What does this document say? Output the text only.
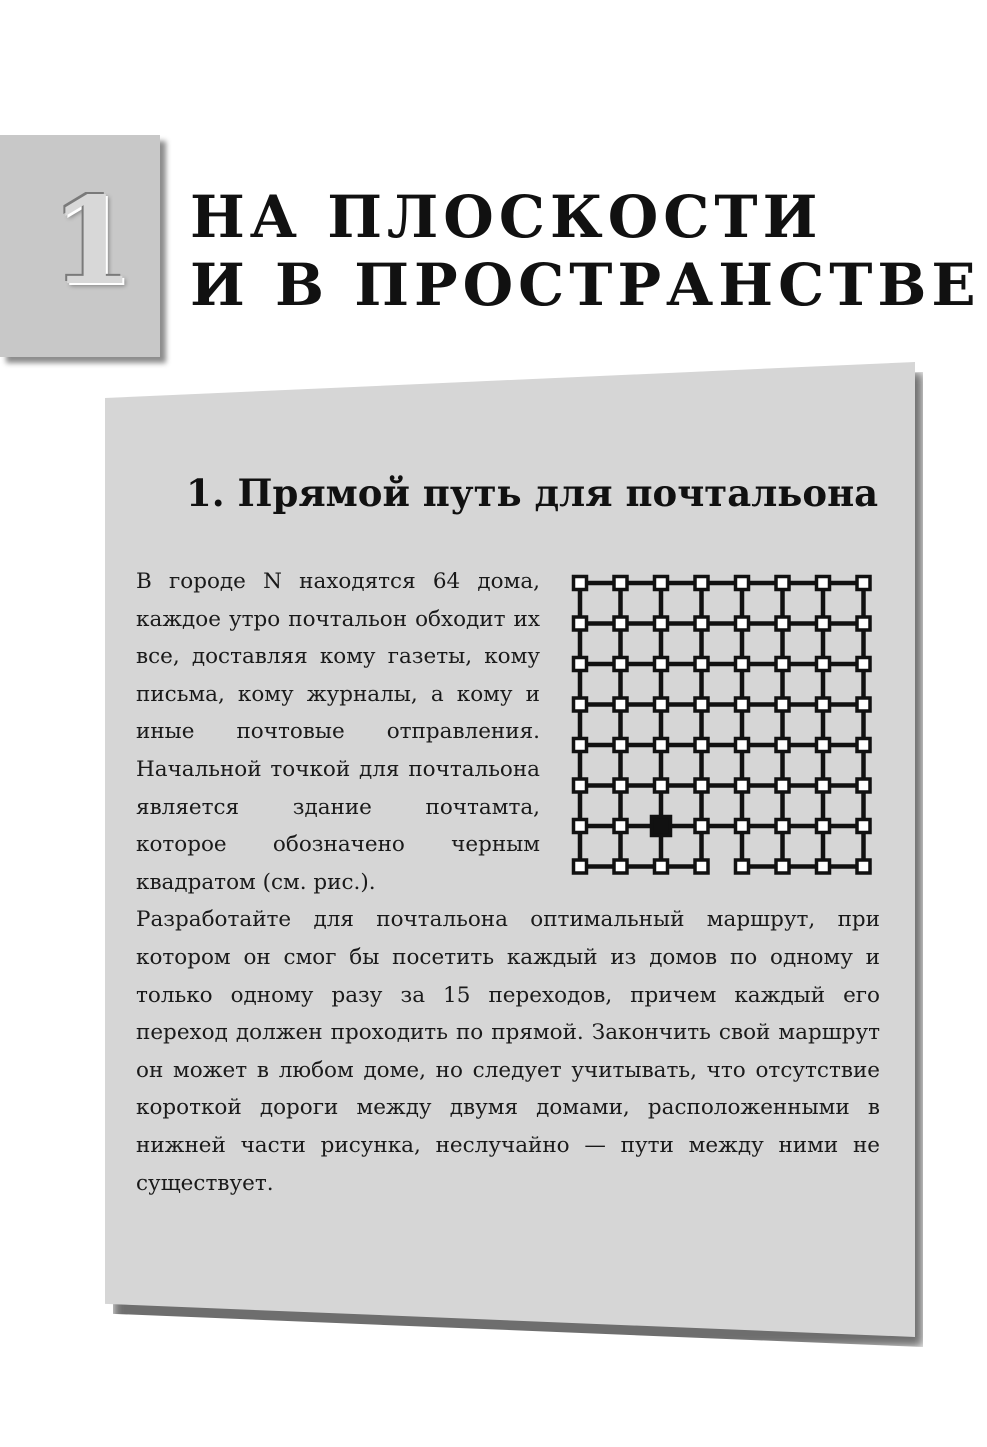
1 НА ПЛОСКОСТИ
И В ПРОСТРАНСТВЕ
1. Прямой путь для почтальона
В городе N находятся 64 дома, каждое утро почтальон обходит их все, доставляя кому газеты, кому письма, кому журналы, а кому и иные почтовые отправления. Начальной точкой для почтальона является здание почтамта, которое обозначено черным квадратом (см. рис.).
Разработайте для почтальона оптимальный маршрут, при котором он смог бы посетить каждый из домов по одному и только одному разу за 15 переходов, причем каждый его переход должен проходить по прямой. Закончить свой маршрут он может в любом доме, но следует учитывать, что отсутствие короткой дороги между двумя домами, расположенными в нижней части рисунка, неслучайно — пути между ними не существует.
